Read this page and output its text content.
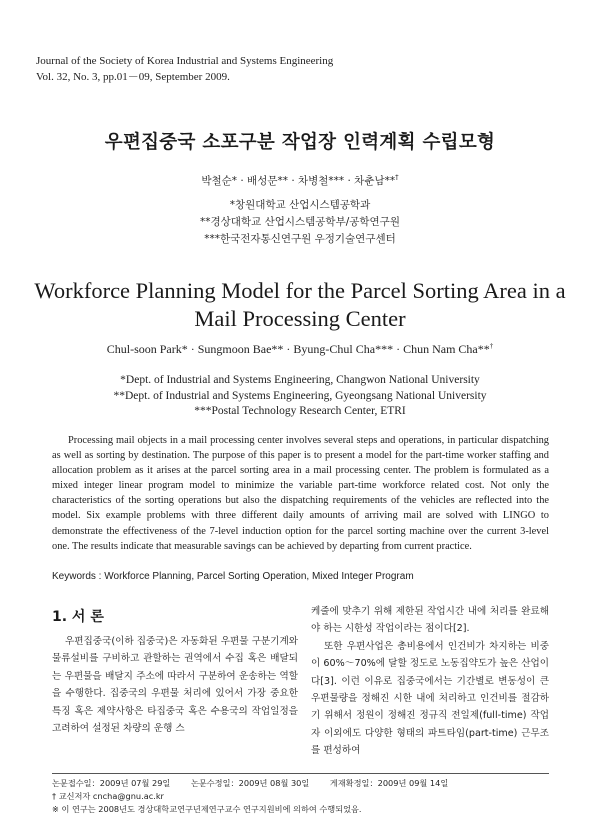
Journal of the Society of Korea Industrial and Systems Engineering
Vol. 32, No. 3, pp.01－09, September 2009.
우편집중국 소포구분 작업장 인력계획 수립모형
박철순* · 배성문** · 차병철*** · 차춘남**†
*창원대학교 산업시스템공학과
**경상대학교 산업시스템공학부/공학연구원
***한국전자통신연구원 우정기술연구센터
Workforce Planning Model for the Parcel Sorting Area in a
Mail Processing Center
Chul-soon Park* · Sungmoon Bae** · Byung-Chul Cha*** · Chun Nam Cha**†
*Dept. of Industrial and Systems Engineering, Changwon National University
**Dept. of Industrial and Systems Engineering, Gyeongsang National University
***Postal Technology Research Center, ETRI

Processing mail objects in a mail processing center involves several steps and operations, in particular dispatching as well as sorting by destination. The purpose of this paper is to present a model for the part-time worker staffing and allocation problem as it arises at the parcel sorting area in a mail processing center. The problem is formulated as a mixed integer linear program model to minimize the variable part-time workforce related cost. Not only the characteristics of the sorting operations but also the dispatching requirements of the vehicles are reflected into the model. Six example problems with three different daily amounts of arriving mail are solved with LINGO to demonstrate the effectiveness of the 7-level induction option for the parcel sorting machine over the current 3-level one. The results indicate that measurable savings can be achieved by departing from current practice.

Keywords : Workforce Planning, Parcel Sorting Operation, Mixed Integer Program
1. 서 론

우편집중국(이하 집중국)은 자동화된 우편물 구분기계와 물류설비를 구비하고 관할하는 권역에서 수집 혹은 배달되는 우편물을 배달지 주소에 따라서 구분하여 운송하는 역할을 수행한다. 집중국의 우편물 처리에 있어서 가장 중요한 특징 혹은 제약사항은 타집중국 혹은 수용국의 작업일정을 고려하여 설정된 차량의 운행 스

케줄에 맞추기 위해 제한된 작업시간 내에 처리를 완료해야 하는 시한성 작업이라는 점이다[2].

또한 우편사업은 총비용에서 인건비가 차지하는 비중이 60%～70%에 달할 정도로 노동집약도가 높은 산업이다[3]. 이런 이유로 집중국에서는 기간별로 변동성이 큰 우편물량을 정해진 시한 내에 처리하고 인건비를 절감하기 위해서 정원이 정해진 정규직 전일제(full-time) 작업자 이외에도 다양한 형태의 파트타임(part-time) 근무조를 편성하여

논문접수일：2009년 07월 29일	논문수정일：2009년 08월 30일	게재확정일：2009년 09월 14일
† 교신저자 cncha@gnu.ac.kr
※ 이 연구는 2008년도 경상대학교연구년제연구교수 연구지원비에 의하여 수행되었음.
